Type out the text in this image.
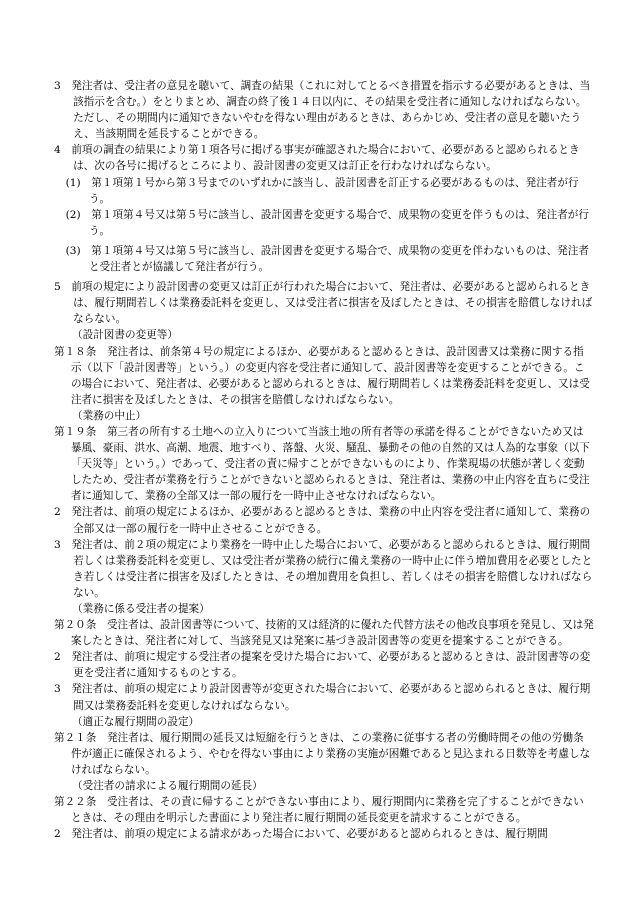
3　発注者は、受注者の意見を聴いて、調査の結果（これに対してとるべき措置を指示する必要があるときは、当該指示を含む。）をとりまとめ、調査の終了後１４日以内に、その結果を受注者に通知しなければならない。ただし、その期間内に通知できないやむを得ない理由があるときは、あらかじめ、受注者の意見を聴いたうえ、当該期間を延長することができる。

4　前項の調査の結果により第１項各号に掲げる事実が確認された場合において、必要があると認められるときは、次の各号に掲げるところにより、設計図書の変更又は訂正を行わなければならない。

(1)　第１項第１号から第３号までのいずれかに該当し、設計図書を訂正する必要があるものは、発注者が行う。

(2)　第１項第４号又は第５号に該当し、設計図書を変更する場合で、成果物の変更を伴うものは、発注者が行う。

(3)　第１項第４号又は第５号に該当し、設計図書を変更する場合で、成果物の変更を伴わないものは、発注者と受注者とが協議して発注者が行う。

5　前項の規定により設計図書の変更又は訂正が行われた場合において、発注者は、必要があると認められるときは、履行期間若しくは業務委託料を変更し、又は受注者に損害を及ぼしたときは、その損害を賠償しなければならない。

（設計図書の変更等）

第１８条　発注者は、前条第４号の規定によるほか、必要があると認めるときは、設計図書又は業務に関する指示（以下「設計図書等」という。）の変更内容を受注者に通知して、設計図書等を変更することができる。この場合において、発注者は、必要があると認められるときは、履行期間若しくは業務委託料を変更し、又は受注者に損害を及ぼしたときは、その損害を賠償しなければならない。

（業務の中止）

第１９条　第三者の所有する土地への立入りについて当該土地の所有者等の承諾を得ることができないため又は暴風、豪雨、洪水、高潮、地震、地すべり、落盤、火災、騒乱、暴動その他の自然的又は人為的な事象（以下「天災等」という。）であって、受注者の責に帰すことができないものにより、作業現場の状態が著しく変動したため、受注者が業務を行うことができないと認められるときは、発注者は、業務の中止内容を直ちに受注者に通知して、業務の全部又は一部の履行を一時中止させなければならない。

2　発注者は、前項の規定によるほか、必要があると認めるときは、業務の中止内容を受注者に通知して、業務の全部又は一部の履行を一時中止させることができる。

3　発注者は、前２項の規定により業務を一時中止した場合において、必要があると認められるときは、履行期間若しくは業務委託料を変更し、又は受注者が業務の続行に備え業務の一時中止に伴う増加費用を必要としたとき若しくは受注者に損害を及ぼしたときは、その増加費用を負担し、若しくはその損害を賠償しなければならない。

（業務に係る受注者の提案）

第２０条　受注者は、設計図書等について、技術的又は経済的に優れた代替方法その他改良事項を発見し、又は発案したときは、発注者に対して、当該発見又は発案に基づき設計図書等の変更を提案することができる。

2　発注者は、前項に規定する受注者の提案を受けた場合において、必要があると認めるときは、設計図書等の変更を受注者に通知するものとする。

3　発注者は、前項の規定により設計図書等が変更された場合において、必要があると認められるときは、履行期間又は業務委託料を変更しなければならない。

（適正な履行期間の設定）

第２１条　発注者は、履行期間の延長又は短縮を行うときは、この業務に従事する者の労働時間その他の労働条件が適正に確保されるよう、やむを得ない事由により業務の実施が困難であると見込まれる日数等を考慮しなければならない。

（受注者の請求による履行期間の延長）

第２２条　受注者は、その責に帰することができない事由により、履行期間内に業務を完了することができないときは、その理由を明示した書面により発注者に履行期間の延長変更を請求することができる。

2　発注者は、前項の規定による請求があった場合において、必要があると認められるときは、履行期間
